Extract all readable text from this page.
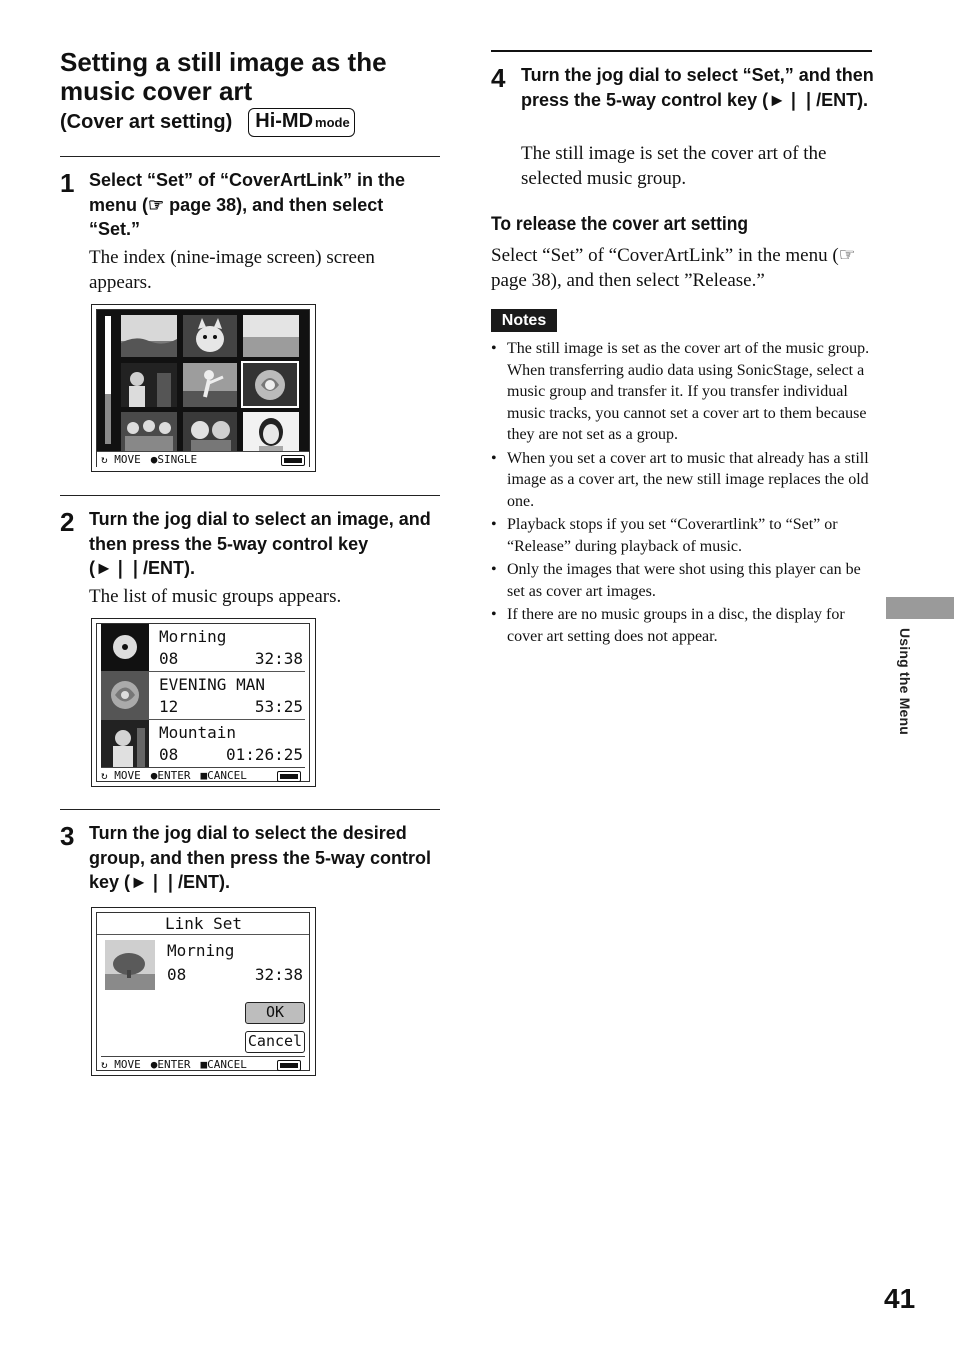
Setting a still image as the music cover art
(Cover art setting) Hi-MD mode
1 Select “Set” of “CoverArtLink” in the menu (☞ page 38), and then select “Set.”

The index (nine-image screen) screen appears.

↻ MOVE ●SINGLE
2 Turn the jog dial to select an image, and then press the 5-way control key (►❘❘/ENT).

The list of music groups appears.

Morning
08	32:38
EVENING MAN
12	53:25
Mountain
08	01:26:25
↻ MOVE ●ENTER ■CANCEL
3 Turn the jog dial to select the desired group, and then press the 5-way control key (►❘❘/ENT).

Link Set
Morning
08	32:38
OK
Cancel
↻ MOVE ●ENTER ■CANCEL
4 Turn the jog dial to select “Set,” and then press the 5-way control key (►❘❘/ENT).

The still image is set the cover art of the selected music group.

To release the cover art setting

Select “Set” of “CoverArtLink” in the menu (☞ page 38), and then select ”Release.”

Notes
• The still image is set as the cover art of the music group. When transferring audio data using SonicStage, select a music group and transfer it. If you transfer individual music tracks, you cannot set a cover art to them because they are not set as a group.
• When you set a cover art to music that already has a still image as a cover art, the new still image replaces the old one.
• Playback stops if you set “Coverartlink” to “Set” or “Release” during playback of music.
• Only the images that were shot using this player can be set as cover art images.
• If there are no music groups in a disc, the display for cover art setting does not appear.	Using the Menu
41
